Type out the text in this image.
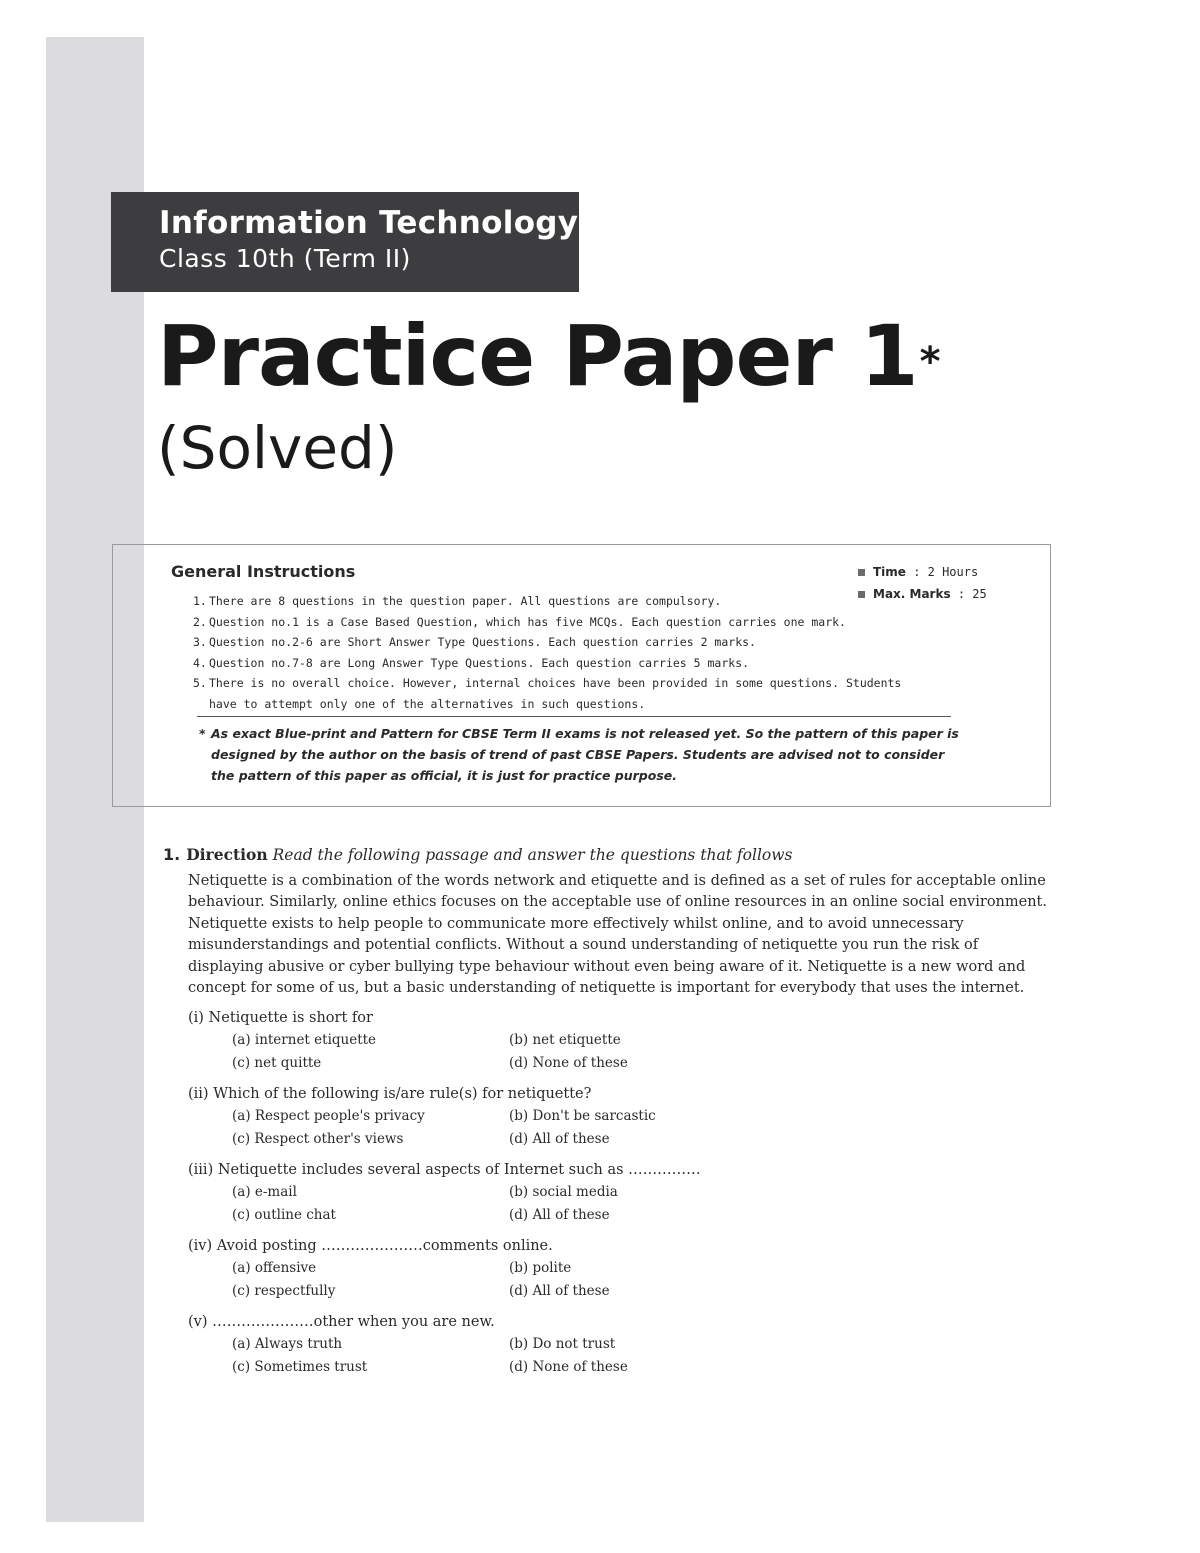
Information Technology
Class 10th (Term II)
Practice Paper 1*
(Solved)
General Instructions	Time
: 2 Hours
Max. Marks
: 25
1. There are 8 questions in the question paper. All questions are compulsory.
2. Question no.1 is a Case Based Question, which has five MCQs. Each question carries one mark.
3. Question no.2-6 are Short Answer Type Questions. Each question carries 2 marks.
4. Question no.7-8 are Long Answer Type Questions. Each question carries 5 marks.
5. There is no overall choice. However, internal choices have been provided in some questions. Students have to attempt only one of the alternatives in such questions.
* As exact Blue-print and Pattern for CBSE Term II exams is not released yet. So the pattern of this paper is designed by the author on the basis of trend of past CBSE Papers. Students are advised not to consider the pattern of this paper as official, it is just for practice purpose.
1. Direction Read the following passage and answer the questions that follows
Netiquette is a combination of the words network and etiquette and is defined as a set of rules for acceptable online behaviour. Similarly, online ethics focuses on the acceptable use of online resources in an online social environment. Netiquette exists to help people to communicate more effectively whilst online, and to avoid unnecessary misunderstandings and potential conflicts. Without a sound understanding of netiquette you run the risk of displaying abusive or cyber bullying type behaviour without even being aware of it. Netiquette is a new word and concept for some of us, but a basic understanding of netiquette is important for everybody that uses the internet.
(i) Netiquette is short for
(a) internet etiquette	(b) net etiquette
(c) net quitte	(d) None of these
(ii) Which of the following is/are rule(s) for netiquette?
(a) Respect people's privacy	(b) Don't be sarcastic
(c) Respect other's views	(d) All of these
(iii) Netiquette includes several aspects of Internet such as ……………
(a) e-mail	(b) social media
(c) outline chat	(d) All of these
(iv) Avoid posting …………………comments online.
(a) offensive	(b) polite
(c) respectfully	(d) All of these
(v) …………………other when you are new.
(a) Always truth	(b) Do not trust
(c) Sometimes trust	(d) None of these
